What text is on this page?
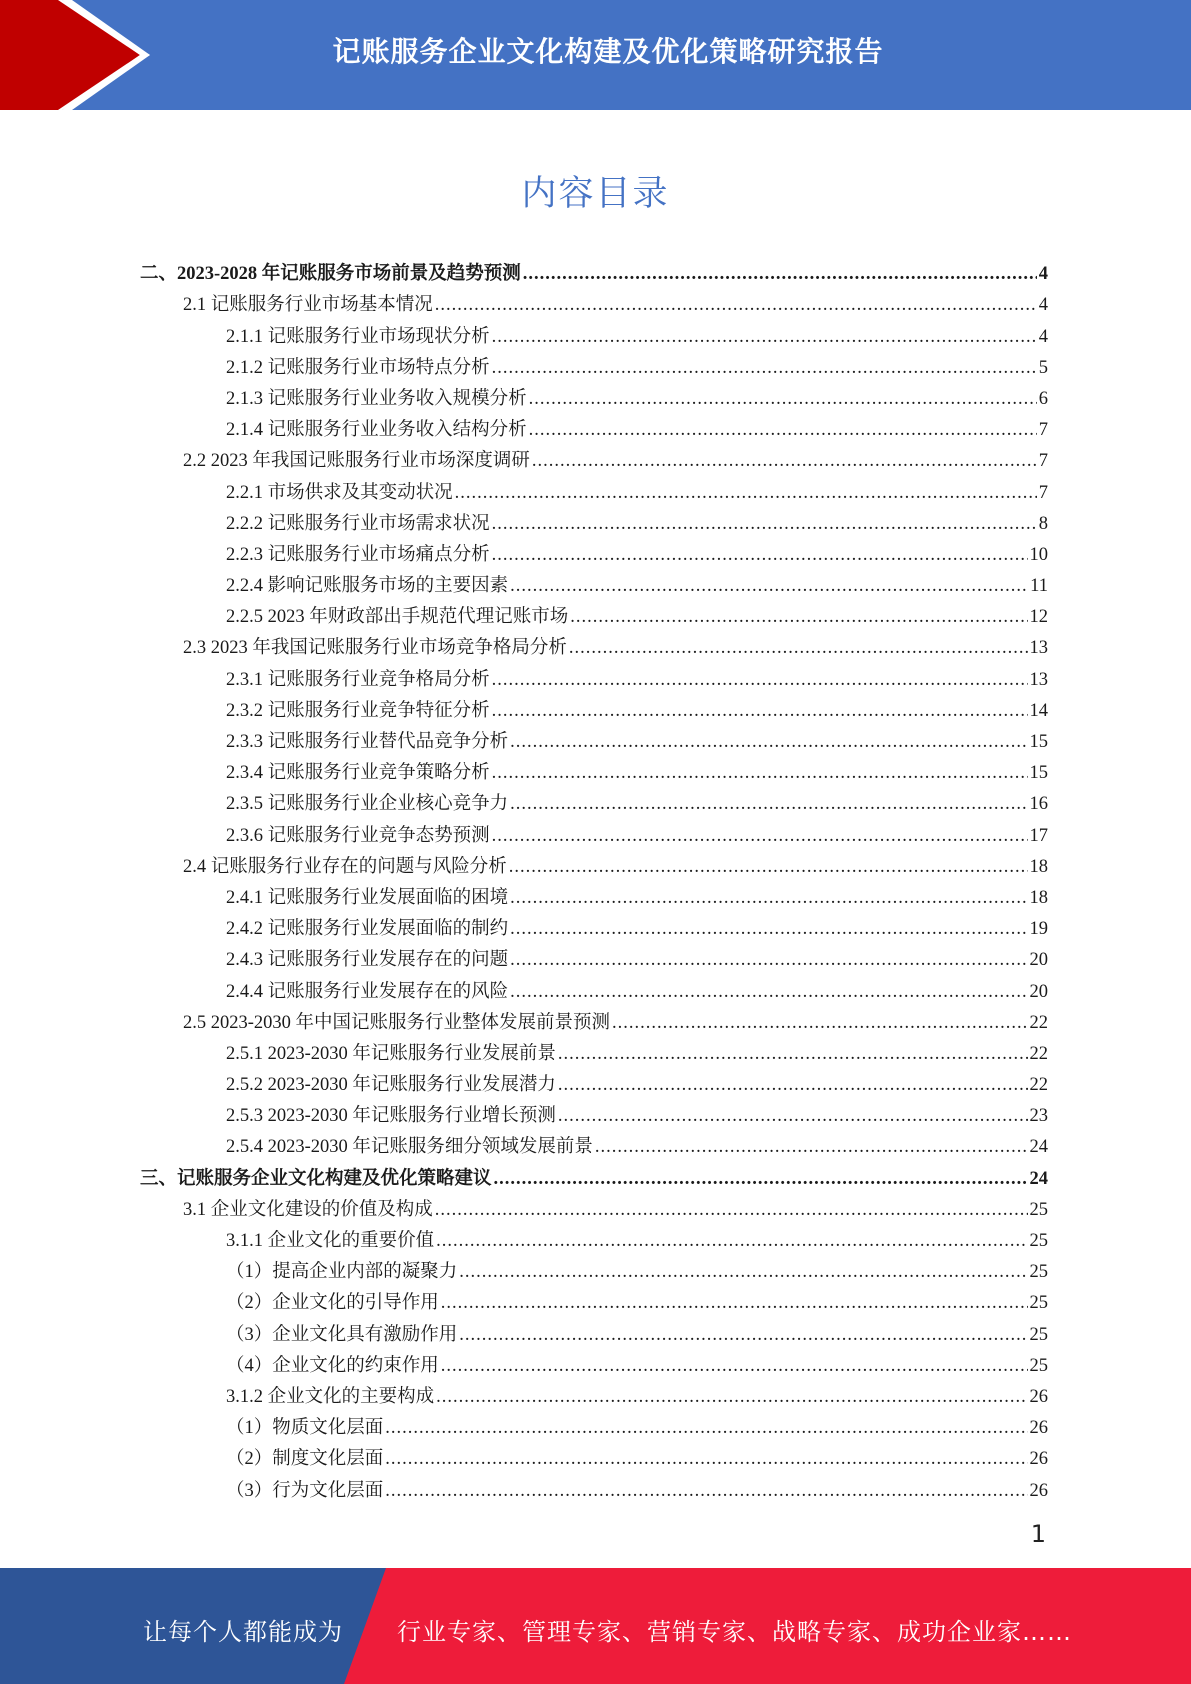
记账服务企业文化构建及优化策略研究报告
内容目录
二、2023-2028 年记账服务市场前景及趋势预测 .....	4
2.1 记账服务行业市场基本情况 .....	4
2.1.1 记账服务行业市场现状分析 .....	4
2.1.2 记账服务行业市场特点分析 .....	5
2.1.3 记账服务行业业务收入规模分析 .....	6
2.1.4 记账服务行业业务收入结构分析 .....	7
2.2 2023 年我国记账服务行业市场深度调研 .....	7
2.2.1 市场供求及其变动状况 .....	7
2.2.2 记账服务行业市场需求状况 .....	8
2.2.3 记账服务行业市场痛点分析 .....	10
2.2.4 影响记账服务市场的主要因素 .....	11
2.2.5 2023 年财政部出手规范代理记账市场 .....	12
2.3 2023 年我国记账服务行业市场竞争格局分析 .....	13
2.3.1 记账服务行业竞争格局分析 .....	13
2.3.2 记账服务行业竞争特征分析 .....	14
2.3.3 记账服务行业替代品竞争分析 .....	15
2.3.4 记账服务行业竞争策略分析 .....	15
2.3.5 记账服务行业企业核心竞争力 .....	16
2.3.6 记账服务行业竞争态势预测 .....	17
2.4 记账服务行业存在的问题与风险分析 .....	18
2.4.1 记账服务行业发展面临的困境 .....	18
2.4.2 记账服务行业发展面临的制约 .....	19
2.4.3 记账服务行业发展存在的问题 .....	20
2.4.4 记账服务行业发展存在的风险 .....	20
2.5 2023-2030 年中国记账服务行业整体发展前景预测 .....	22
2.5.1 2023-2030 年记账服务行业发展前景 .....	22
2.5.2 2023-2030 年记账服务行业发展潜力 .....	22
2.5.3 2023-2030 年记账服务行业增长预测 .....	23
2.5.4 2023-2030 年记账服务细分领域发展前景 .....	24
三、记账服务企业文化构建及优化策略建议 .....	24
3.1 企业文化建设的价值及构成 .....	25
3.1.1 企业文化的重要价值 .....	25
（1）提高企业内部的凝聚力 .....	25
（2）企业文化的引导作用 .....	25
（3）企业文化具有激励作用 .....	25
（4）企业文化的约束作用 .....	25
3.1.2 企业文化的主要构成 .....	26
（1）物质文化层面 .....	26
（2）制度文化层面 .....	26
（3）行为文化层面 .....	26
1
让每个人都能成为 行业专家、管理专家、营销专家、战略专家、成功企业家……
